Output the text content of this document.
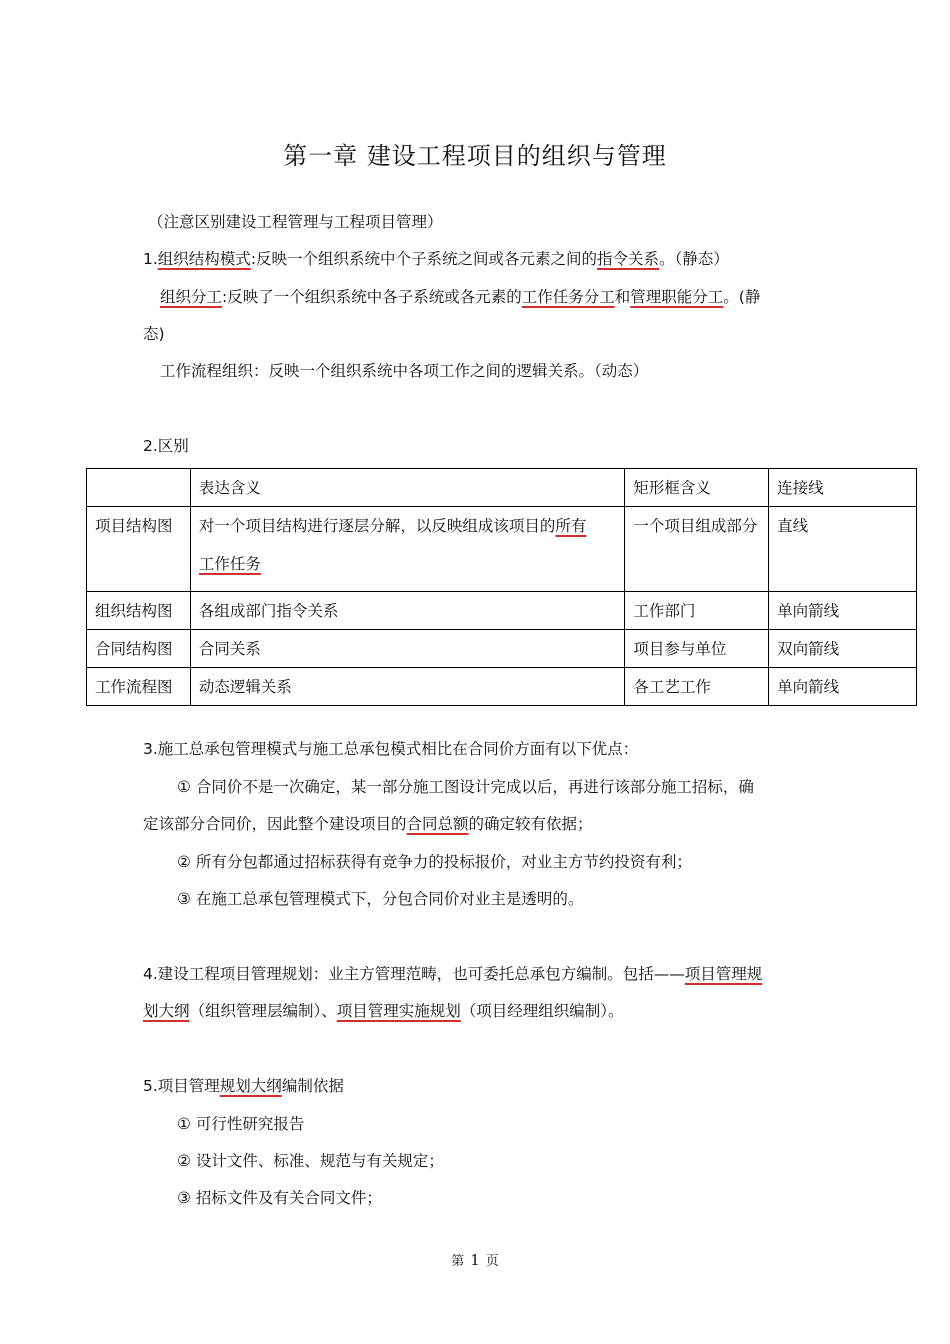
第一章 建设工程项目的组织与管理
（注意区别建设工程管理与工程项目管理）
1.组织结构模式:反映一个组织系统中个子系统之间或各元素之间的指令关系。（静态）
组织分工:反映了一个组织系统中各子系统或各元素的工作任务分工和管理职能分工。(静
态)
工作流程组织：反映一个组织系统中各项工作之间的逻辑关系。（动态）
2.区别
	表达含义	矩形框含义	连接线
项目结构图	对一个项目结构进行逐层分解，以反映组成该项目的所有
工作任务	一个项目组成部分	直线
组织结构图	各组成部门指令关系	工作部门	单向箭线
合同结构图	合同关系	项目参与单位	双向箭线
工作流程图	动态逻辑关系	各工艺工作	单向箭线
3.施工总承包管理模式与施工总承包模式相比在合同价方面有以下优点：
① 合同价不是一次确定，某一部分施工图设计完成以后，再进行该部分施工招标，确
定该部分合同价，因此整个建设项目的合同总额的确定较有依据；
② 所有分包都通过招标获得有竞争力的投标报价，对业主方节约投资有利；
③ 在施工总承包管理模式下，分包合同价对业主是透明的。
4.建设工程项目管理规划：业主方管理范畴，也可委托总承包方编制。包括——项目管理规
划大纲（组织管理层编制）、项目管理实施规划（项目经理组织编制）。
5.项目管理规划大纲编制依据
① 可行性研究报告
② 设计文件、标准、规范与有关规定；
③ 招标文件及有关合同文件；
第 1 页
